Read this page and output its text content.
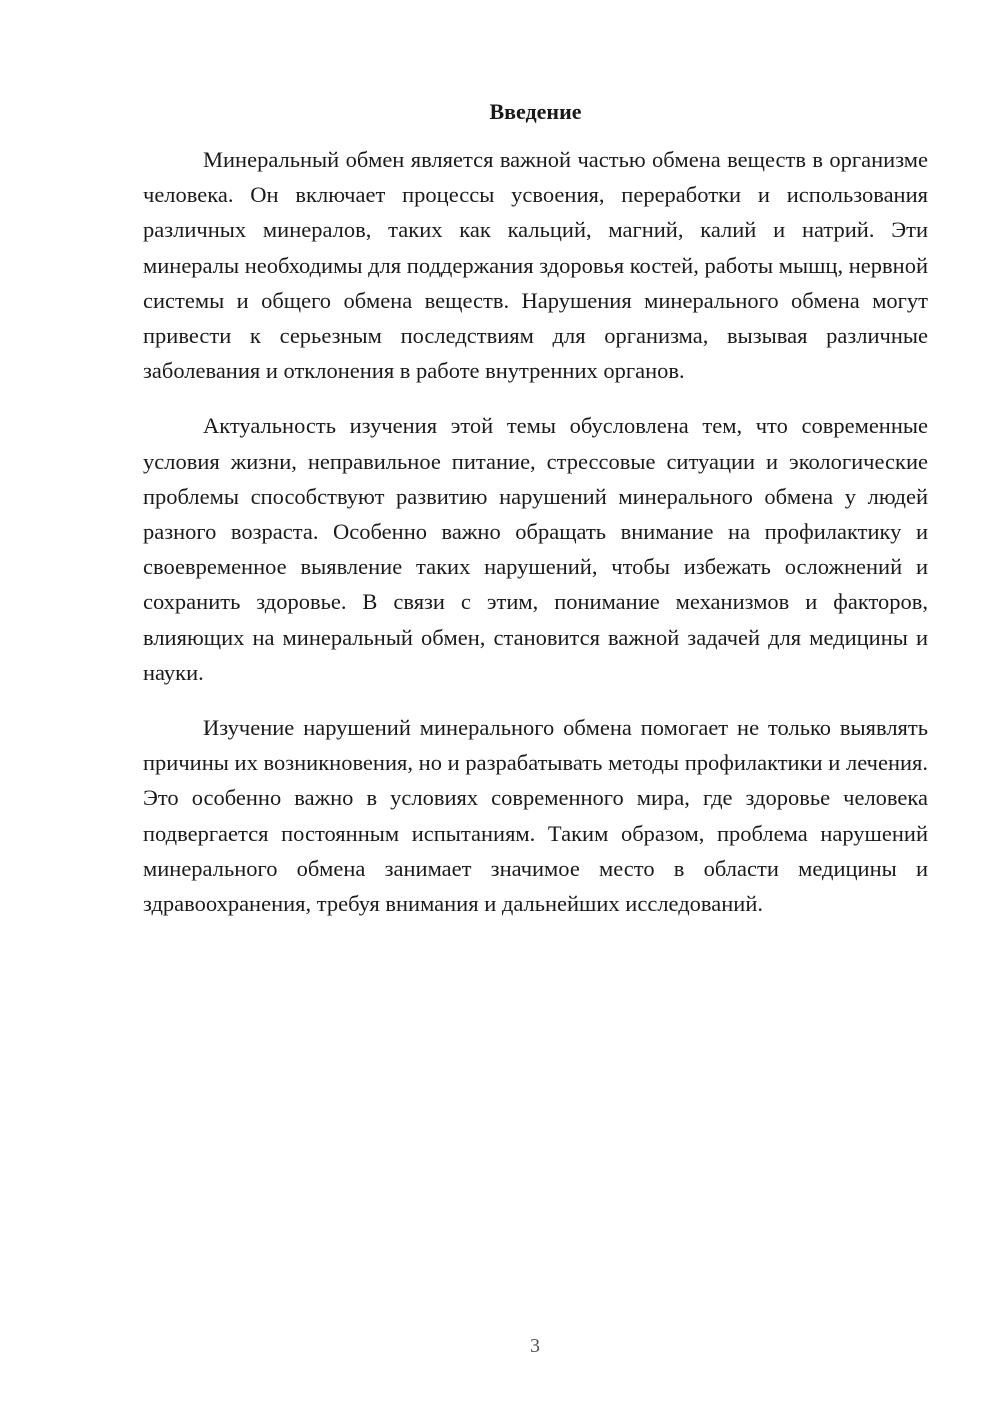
Введение

Минеральный обмен является важной частью обмена веществ в организме человека. Он включает процессы усвоения, переработки и использования различных минералов, таких как кальций, магний, калий и натрий. Эти минералы необходимы для поддержания здоровья костей, работы мышц, нервной системы и общего обмена веществ. Нарушения минерального обмена могут привести к серьезным последствиям для организма, вызывая различные заболевания и отклонения в работе внутренних органов.

Актуальность изучения этой темы обусловлена тем, что современные условия жизни, неправильное питание, стрессовые ситуации и экологические проблемы способствуют развитию нарушений минерального обмена у людей разного возраста. Особенно важно обращать внимание на профилактику и своевременное выявление таких нарушений, чтобы избежать осложнений и сохранить здоровье. В связи с этим, понимание механизмов и факторов, влияющих на минеральный обмен, становится важной задачей для медицины и науки.

Изучение нарушений минерального обмена помогает не только выявлять причины их возникновения, но и разрабатывать методы профилактики и лечения. Это особенно важно в условиях современного мира, где здоровье человека подвергается постоянным испытаниям. Таким образом, проблема нарушений минерального обмена занимает значимое место в области медицины и здравоохранения, требуя внимания и дальнейших исследований.

3
